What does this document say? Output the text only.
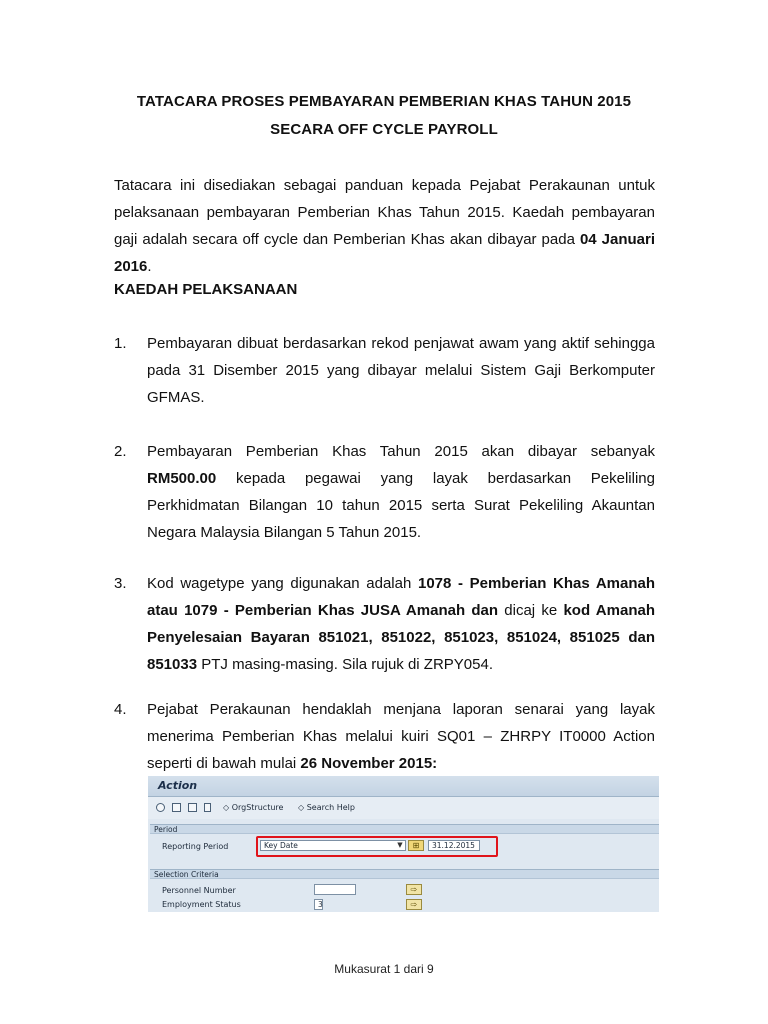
TATACARA PROSES PEMBAYARAN PEMBERIAN KHAS TAHUN 2015
SECARA OFF CYCLE PAYROLL
Tatacara ini disediakan sebagai panduan kepada Pejabat Perakaunan untuk pelaksanaan pembayaran Pemberian Khas Tahun 2015. Kaedah pembayaran gaji adalah secara off cycle dan Pemberian Khas akan dibayar pada 04 Januari 2016.
KAEDAH PELAKSANAAN
1. Pembayaran dibuat berdasarkan rekod penjawat awam yang aktif sehingga pada 31 Disember 2015 yang dibayar melalui Sistem Gaji Berkomputer GFMAS.
2. Pembayaran Pemberian Khas Tahun 2015 akan dibayar sebanyak RM500.00 kepada pegawai yang layak berdasarkan Pekeliling Perkhidmatan Bilangan 10 tahun 2015 serta Surat Pekeliling Akauntan Negara Malaysia Bilangan 5 Tahun 2015.
3. Kod wagetype yang digunakan adalah 1078 - Pemberian Khas Amanah atau 1079 - Pemberian Khas JUSA Amanah dan dicaj ke kod Amanah Penyelesaian Bayaran 851021, 851022, 851023, 851024, 851025 dan 851033 PTJ masing-masing. Sila rujuk di ZRPY054.
4. Pejabat Perakaunan hendaklah menjana laporan senarai yang layak menerima Pemberian Khas melalui kuiri SQ01 – ZHRPY IT0000 Action seperti di bawah mulai 26 November 2015:
Action
◇ OrgStructure ◇ Search Help
Period
Reporting Period	Key Date	▼	⊞	31.12.2015
Selection Criteria
Personnel Number	⇨
Employment Status	3	⇨
Mukasurat 1 dari 9
